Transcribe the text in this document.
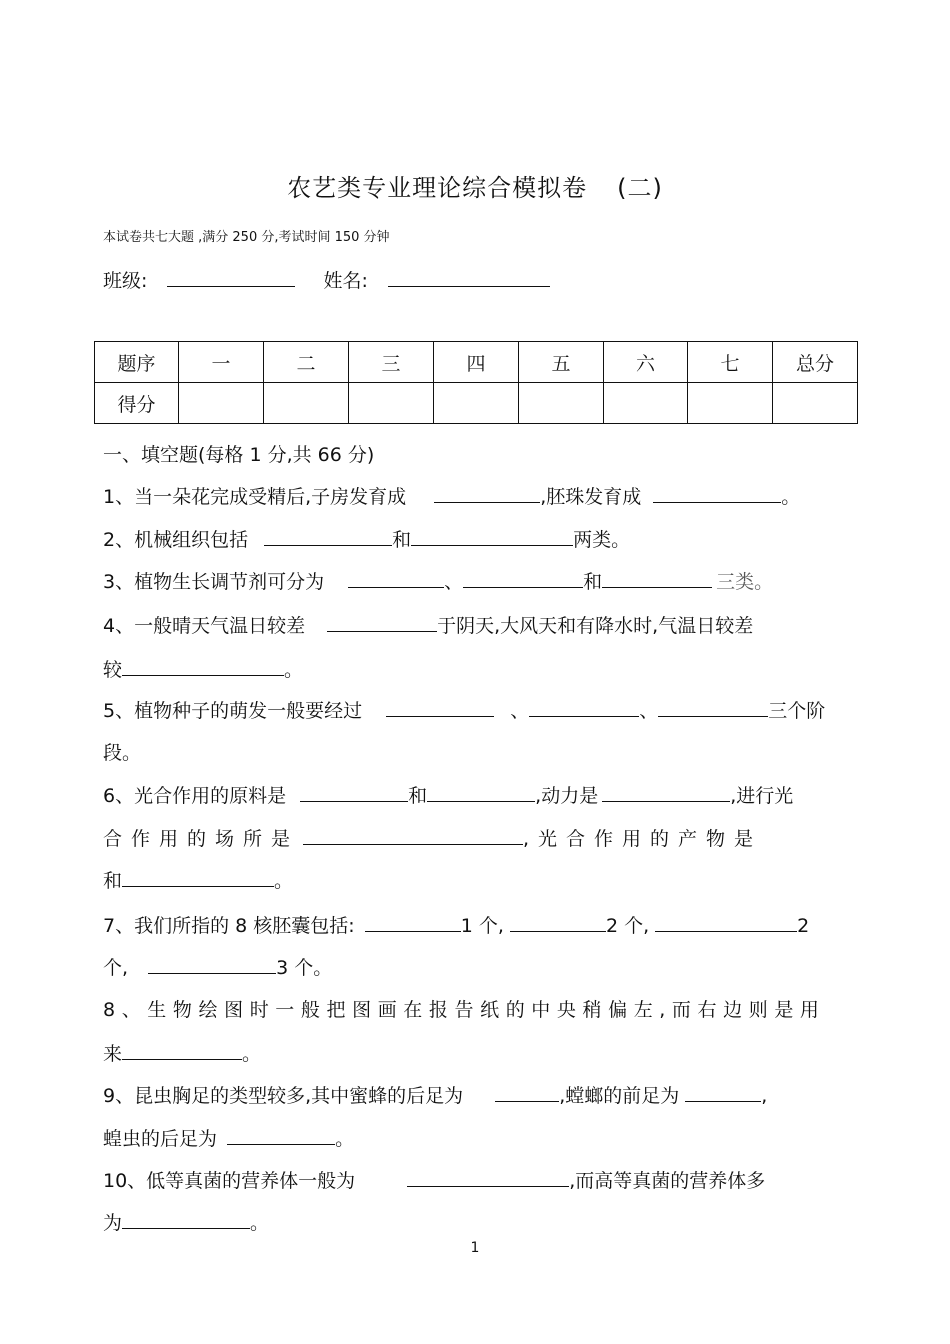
农艺类专业理论综合模拟卷 (二)
本试卷共七大题 ,满分 250 分,考试时间 150 分钟
班级:	姓名:
题序	一	二	三	四	五	六	七	总分
得分								
一、填空题(每格 1 分,共 66 分)
1、当一朵花完成受精后,子房发育成	,胚珠发育成	。
2、机械组织包括	和	两类。
3、植物生长调节剂可分为	、	和	三类。
4、一般晴天气温日较差	于阴天,大风天和有降水时,气温日较差
较	。
5、植物种子的萌发一般要经过	、	、	三个阶
段。
6、光合作用的原料是	和	,动力是	,进行光
合作用的场所是	,光合作用的产物是
和	。
7、我们所指的 8 核胚囊包括:	1 个,	2 个,	2
个,	3 个。
8、生物绘图时一般把图画在报告纸的中央稍偏左,而右边则是用
来	。
9、昆虫胸足的类型较多,其中蜜蜂的后足为	,螳螂的前足为	,
蝗虫的后足为	。
10、低等真菌的营养体一般为	,而高等真菌的营养体多
为	。
1
